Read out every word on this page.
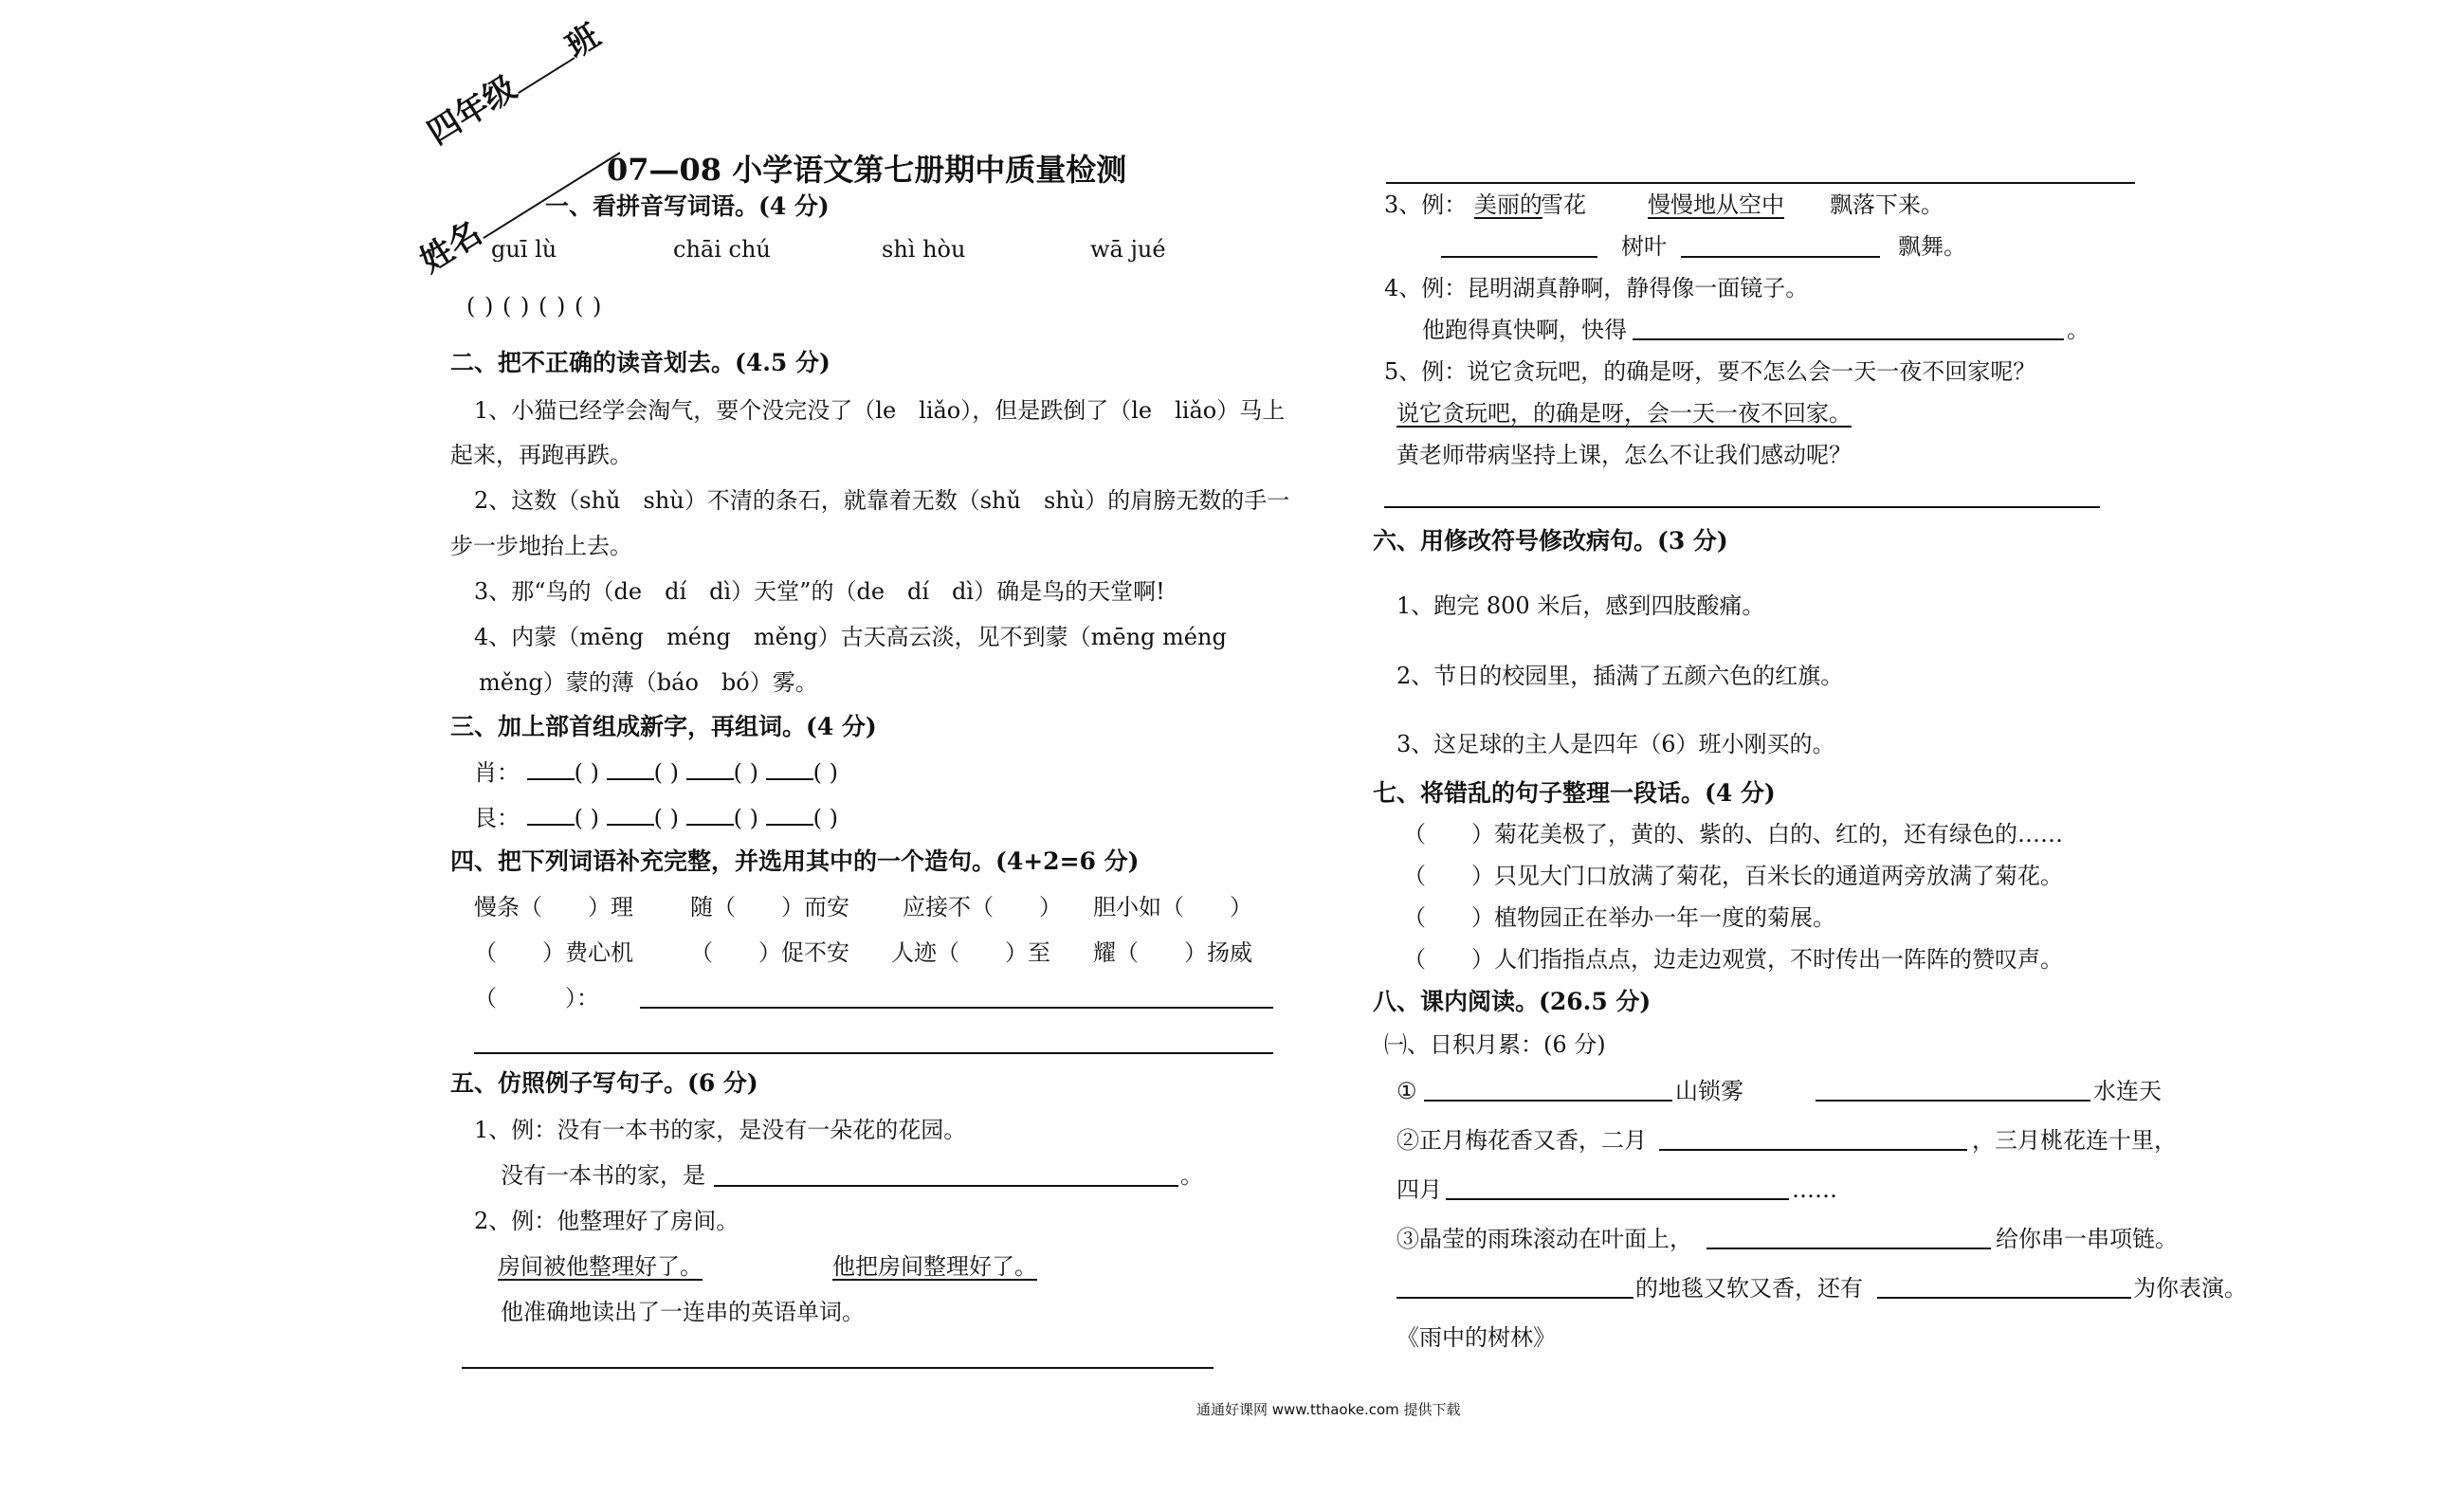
四年级班
姓名
07—08 小学语文第七册期中质量检测
一、看拼音写词语。(4 分)
guī lù	chāi chú	shì hòu	wā jué
( ) ( ) ( ) ( )
二、把不正确的读音划去。(4.5 分)
1、小猫已经学会淘气，要个没完没了（le　liǎo），但是跌倒了（le　liǎo）马上
起来，再跑再跌。
2、这数（shǔ　shù）不清的条石，就靠着无数（shǔ　shù）的肩膀无数的手一
步一步地抬上去。
3、那“鸟的（de　dí　dì）天堂”的（de　dí　dì）确是鸟的天堂啊!
4、内蒙（mēng　méng　měng）古天高云淡，见不到蒙（mēng méng
měng）蒙的薄（báo　bó）雾。
三、加上部首组成新字，再组词。(4 分)
肖： ( ) ( ) ( ) ( )
艮： ( ) ( ) ( ) ( )
四、把下列词语补充完整，并选用其中的一个造句。(4+2=6 分)
慢条（　　）理	随（　　）而安 应接不（　　） 胆小如（　　）
（　　）费心机	（　　）促不安 人迹（　　）至 耀（　　）扬威
（　　　）：
五、仿照例子写句子。(6 分)
1、例：没有一本书的家，是没有一朵花的花园。
没有一本书的家，是	。
2、例：他整理好了房间。
房间被他整理好了。	他把房间整理好了。
他准确地读出了一连串的英语单词。
3、例： 美丽的
雪花	慢慢地从空中 飘落下来。
树叶	飘舞。
4、例：昆明湖真静啊，静得像一面镜子。
他跑得真快啊，快得	。
5、例：说它贪玩吧，的确是呀，要不怎么会一天一夜不回家呢？
说它贪玩吧，的确是呀，会一天一夜不回家。
黄老师带病坚持上课，怎么不让我们感动呢？
六、用修改符号修改病句。(3 分)
1、跑完 800 米后，感到四肢酸痛。
2、节日的校园里，插满了五颜六色的红旗。
3、这足球的主人是四年（6）班小刚买的。
七、将错乱的句子整理一段话。(4 分)
（　　）菊花美极了，黄的、紫的、白的、红的，还有绿色的……
（　　）只见大门口放满了菊花，百米长的通道两旁放满了菊花。
（　　）植物园正在举办一年一度的菊展。
（　　）人们指指点点，边走边观赏，不时传出一阵阵的赞叹声。
八、课内阅读。(26.5 分)
㈠、日积月累：(6 分)
①	山锁雾	水连天
②正月梅花香又香，二月	，三月桃花连十里，
四月	……
③晶莹的雨珠滚动在叶面上，	给你串一串项链。
的地毯又软又香，还有	为你表演。
《雨中的树林》
通通好课网 www.tthaoke.com 提供下载
